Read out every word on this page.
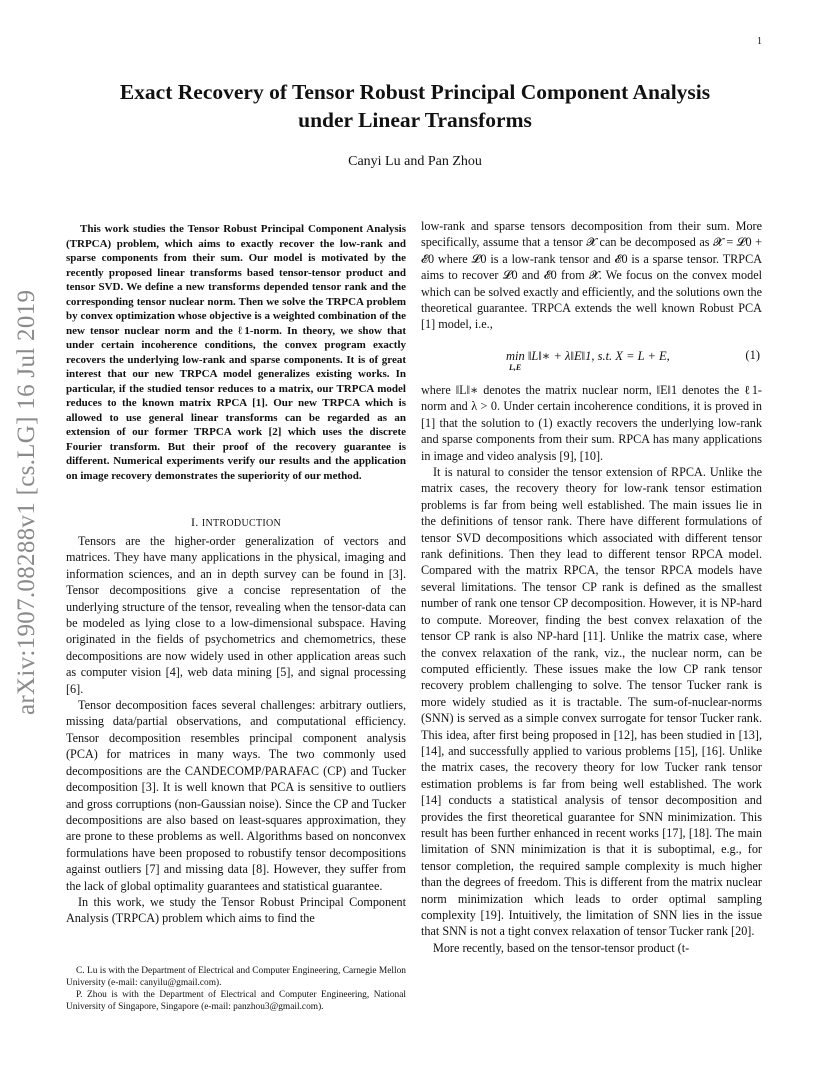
1
Exact Recovery of Tensor Robust Principal Component Analysis
under Linear Transforms
Canyi Lu and Pan Zhou
arXiv:1907.08288v1 [cs.LG] 16 Jul 2019
This work studies the Tensor Robust Principal Component Analysis (TRPCA) problem, which aims to exactly recover the low-rank and sparse components from their sum. Our model is motivated by the recently proposed linear transforms based tensor-tensor product and tensor SVD. We define a new transforms depended tensor rank and the corresponding tensor nuclear norm. Then we solve the TRPCA problem by convex optimization whose objective is a weighted combination of the new tensor nuclear norm and the ℓ1-norm. In theory, we show that under certain incoherence conditions, the convex program exactly recovers the underlying low-rank and sparse components. It is of great interest that our new TRPCA model generalizes existing works. In particular, if the studied tensor reduces to a matrix, our TRPCA model reduces to the known matrix RPCA [1]. Our new TRPCA which is allowed to use general linear transforms can be regarded as an extension of our former TRPCA work [2] which uses the discrete Fourier transform. But their proof of the recovery guarantee is different. Numerical experiments verify our results and the application on image recovery demonstrates the superiority of our method.
I. INTRODUCTION

Tensors are the higher-order generalization of vectors and matrices. They have many applications in the physical, imaging and information sciences, and an in depth survey can be found in [3]. Tensor decompositions give a concise representation of the underlying structure of the tensor, revealing when the tensor-data can be modeled as lying close to a low-dimensional subspace. Having originated in the fields of psychometrics and chemometrics, these decompositions are now widely used in other application areas such as computer vision [4], web data mining [5], and signal processing [6].

Tensor decomposition faces several challenges: arbitrary outliers, missing data/partial observations, and computational efficiency. Tensor decomposition resembles principal component analysis (PCA) for matrices in many ways. The two commonly used decompositions are the CANDECOMP/PARAFAC (CP) and Tucker decomposition [3]. It is well known that PCA is sensitive to outliers and gross corruptions (non-Gaussian noise). Since the CP and Tucker decompositions are also based on least-squares approximation, they are prone to these problems as well. Algorithms based on nonconvex formulations have been proposed to robustify tensor decompositions against outliers [7] and missing data [8]. However, they suffer from the lack of global optimality guarantees and statistical guarantee.

In this work, we study the Tensor Robust Principal Component Analysis (TRPCA) problem which aims to find the

C. Lu is with the Department of Electrical and Computer Engineering, Carnegie Mellon University (e-mail: canyilu@gmail.com).

P. Zhou is with the Department of Electrical and Computer Engineering, National University of Singapore, Singapore (e-mail: panzhou3@gmail.com).

low-rank and sparse tensors decomposition from their sum. More specifically, assume that a tensor 𝓧 can be decomposed as 𝓧 = 𝓛0 + 𝓔0 where 𝓛0 is a low-rank tensor and 𝓔0 is a sparse tensor. TRPCA aims to recover 𝓛0 and 𝓔0 from 𝓧. We focus on the convex model which can be solved exactly and efficiently, and the solutions own the theoretical guarantee. TRPCA extends the well known Robust PCA [1] model, i.e.,

min ‖L‖∗ + λ‖E‖1, s.t. X = L + E,
L,E
(1)

where ‖L‖∗ denotes the matrix nuclear norm, ‖E‖1 denotes the ℓ1-norm and λ > 0. Under certain incoherence conditions, it is proved in [1] that the solution to (1) exactly recovers the underlying low-rank and sparse components from their sum. RPCA has many applications in image and video analysis [9], [10].

It is natural to consider the tensor extension of RPCA. Unlike the matrix cases, the recovery theory for low-rank tensor estimation problems is far from being well established. The main issues lie in the definitions of tensor rank. There have different formulations of tensor SVD decompositions which associated with different tensor rank definitions. Then they lead to different tensor RPCA model. Compared with the matrix RPCA, the tensor RPCA models have several limitations. The tensor CP rank is defined as the smallest number of rank one tensor CP decomposition. However, it is NP-hard to compute. Moreover, finding the best convex relaxation of the tensor CP rank is also NP-hard [11]. Unlike the matrix case, where the convex relaxation of the rank, viz., the nuclear norm, can be computed efficiently. These issues make the low CP rank tensor recovery problem challenging to solve. The tensor Tucker rank is more widely studied as it is tractable. The sum-of-nuclear-norms (SNN) is served as a simple convex surrogate for tensor Tucker rank. This idea, after first being proposed in [12], has been studied in [13], [14], and successfully applied to various problems [15], [16]. Unlike the matrix cases, the recovery theory for low Tucker rank tensor estimation problems is far from being well established. The work [14] conducts a statistical analysis of tensor decomposition and provides the first theoretical guarantee for SNN minimization. This result has been further enhanced in recent works [17], [18]. The main limitation of SNN minimization is that it is suboptimal, e.g., for tensor completion, the required sample complexity is much higher than the degrees of freedom. This is different from the matrix nuclear norm minimization which leads to order optimal sampling complexity [19]. Intuitively, the limitation of SNN lies in the issue that SNN is not a tight convex relaxation of tensor Tucker rank [20].

More recently, based on the tensor-tensor product (t-
